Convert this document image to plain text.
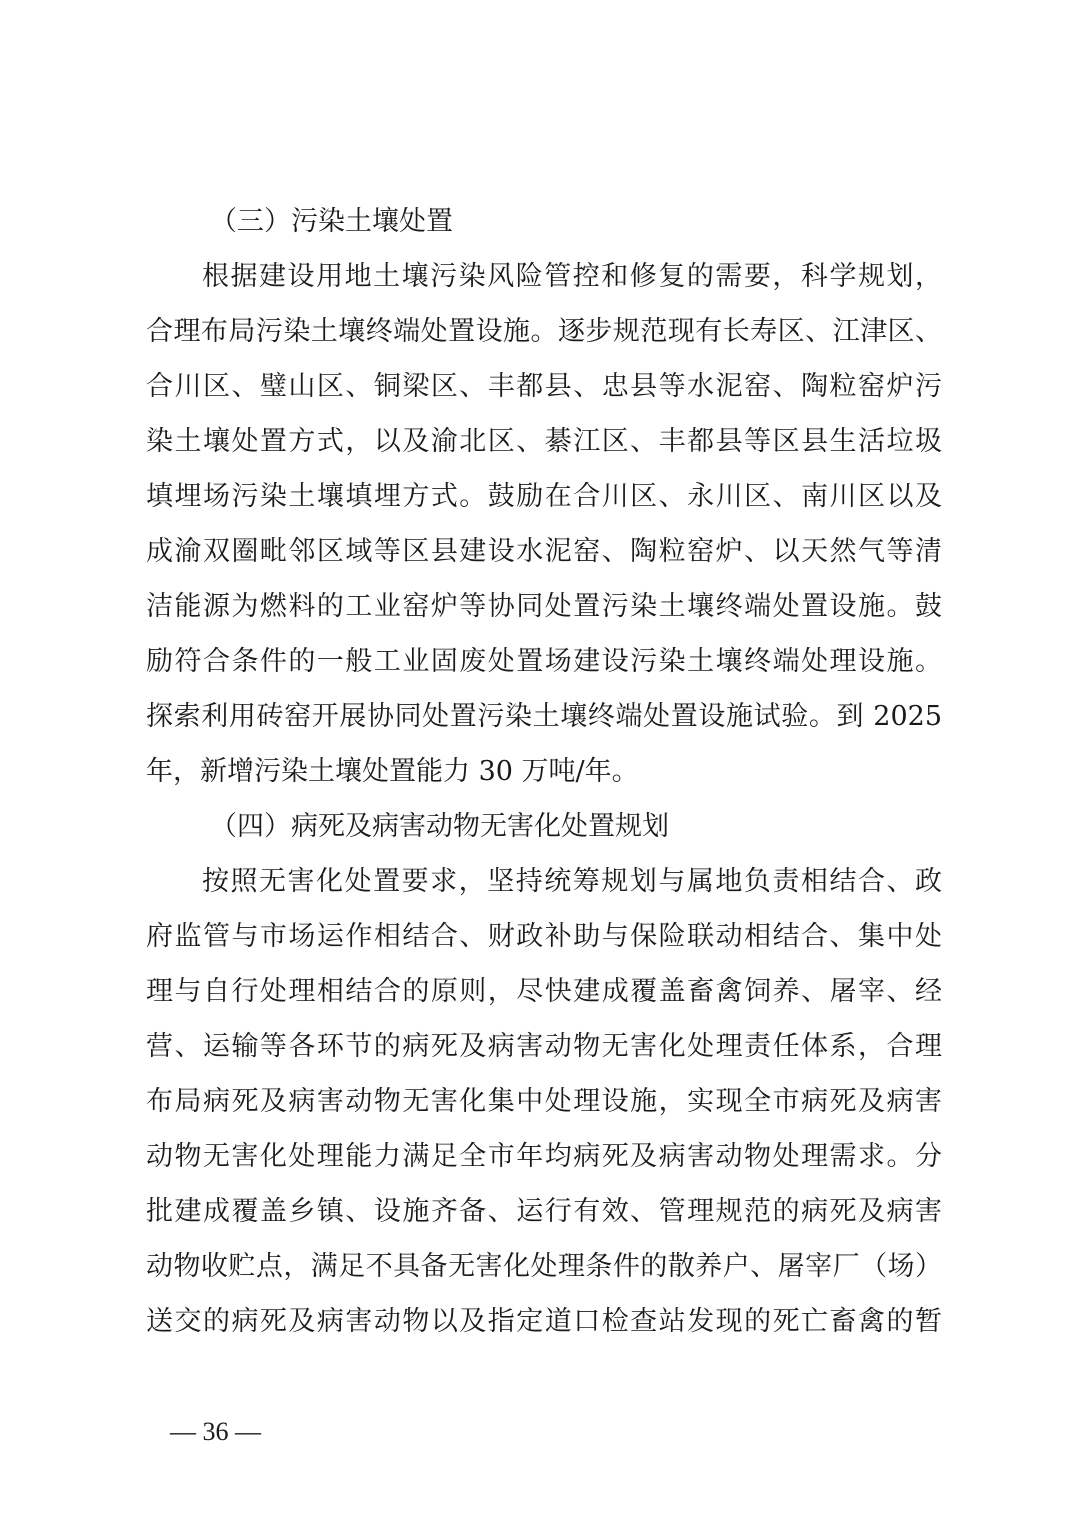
（三）污染土壤处置
根据建设用地土壤污染风险管控和修复的需要，科学规划，
合理布局污染土壤终端处置设施。逐步规范现有长寿区、江津区、
合川区、璧山区、铜梁区、丰都县、忠县等水泥窑、陶粒窑炉污
染土壤处置方式，以及渝北区、綦江区、丰都县等区县生活垃圾
填埋场污染土壤填埋方式。鼓励在合川区、永川区、南川区以及
成渝双圈毗邻区域等区县建设水泥窑、陶粒窑炉、以天然气等清
洁能源为燃料的工业窑炉等协同处置污染土壤终端处置设施。鼓
励符合条件的一般工业固废处置场建设污染土壤终端处理设施。
探索利用砖窑开展协同处置污染土壤终端处置设施试验。到 2025
年，新增污染土壤处置能力 30 万吨/年。
（四）病死及病害动物无害化处置规划
按照无害化处置要求，坚持统筹规划与属地负责相结合、政
府监管与市场运作相结合、财政补助与保险联动相结合、集中处
理与自行处理相结合的原则，尽快建成覆盖畜禽饲养、屠宰、经
营、运输等各环节的病死及病害动物无害化处理责任体系，合理
布局病死及病害动物无害化集中处理设施，实现全市病死及病害
动物无害化处理能力满足全市年均病死及病害动物处理需求。分
批建成覆盖乡镇、设施齐备、运行有效、管理规范的病死及病害
动物收贮点，满足不具备无害化处理条件的散养户、屠宰厂（场）
送交的病死及病害动物以及指定道口检查站发现的死亡畜禽的暂
— 36 —
